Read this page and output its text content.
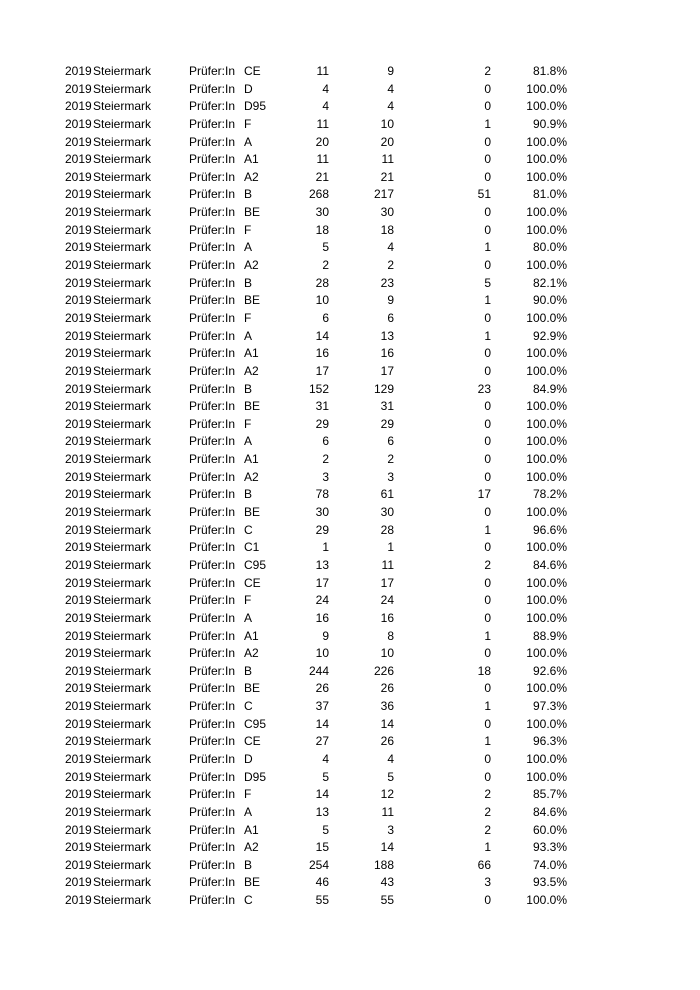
2019 Steiermark	Prüfer:In CE	11	9	2	81.8%
2019 Steiermark	Prüfer:In D	4	4	0	100.0%
2019 Steiermark	Prüfer:In D95	4	4	0	100.0%
2019 Steiermark	Prüfer:In F	11	10	1	90.9%
2019 Steiermark	Prüfer:In A	20	20	0	100.0%
2019 Steiermark	Prüfer:In A1	11	11	0	100.0%
2019 Steiermark	Prüfer:In A2	21	21	0	100.0%
2019 Steiermark	Prüfer:In B	268	217	51	81.0%
2019 Steiermark	Prüfer:In BE	30	30	0	100.0%
2019 Steiermark	Prüfer:In F	18	18	0	100.0%
2019 Steiermark	Prüfer:In A	5	4	1	80.0%
2019 Steiermark	Prüfer:In A2	2	2	0	100.0%
2019 Steiermark	Prüfer:In B	28	23	5	82.1%
2019 Steiermark	Prüfer:In BE	10	9	1	90.0%
2019 Steiermark	Prüfer:In F	6	6	0	100.0%
2019 Steiermark	Prüfer:In A	14	13	1	92.9%
2019 Steiermark	Prüfer:In A1	16	16	0	100.0%
2019 Steiermark	Prüfer:In A2	17	17	0	100.0%
2019 Steiermark	Prüfer:In B	152	129	23	84.9%
2019 Steiermark	Prüfer:In BE	31	31	0	100.0%
2019 Steiermark	Prüfer:In F	29	29	0	100.0%
2019 Steiermark	Prüfer:In A	6	6	0	100.0%
2019 Steiermark	Prüfer:In A1	2	2	0	100.0%
2019 Steiermark	Prüfer:In A2	3	3	0	100.0%
2019 Steiermark	Prüfer:In B	78	61	17	78.2%
2019 Steiermark	Prüfer:In BE	30	30	0	100.0%
2019 Steiermark	Prüfer:In C	29	28	1	96.6%
2019 Steiermark	Prüfer:In C1	1	1	0	100.0%
2019 Steiermark	Prüfer:In C95	13	11	2	84.6%
2019 Steiermark	Prüfer:In CE	17	17	0	100.0%
2019 Steiermark	Prüfer:In F	24	24	0	100.0%
2019 Steiermark	Prüfer:In A	16	16	0	100.0%
2019 Steiermark	Prüfer:In A1	9	8	1	88.9%
2019 Steiermark	Prüfer:In A2	10	10	0	100.0%
2019 Steiermark	Prüfer:In B	244	226	18	92.6%
2019 Steiermark	Prüfer:In BE	26	26	0	100.0%
2019 Steiermark	Prüfer:In C	37	36	1	97.3%
2019 Steiermark	Prüfer:In C95	14	14	0	100.0%
2019 Steiermark	Prüfer:In CE	27	26	1	96.3%
2019 Steiermark	Prüfer:In D	4	4	0	100.0%
2019 Steiermark	Prüfer:In D95	5	5	0	100.0%
2019 Steiermark	Prüfer:In F	14	12	2	85.7%
2019 Steiermark	Prüfer:In A	13	11	2	84.6%
2019 Steiermark	Prüfer:In A1	5	3	2	60.0%
2019 Steiermark	Prüfer:In A2	15	14	1	93.3%
2019 Steiermark	Prüfer:In B	254	188	66	74.0%
2019 Steiermark	Prüfer:In BE	46	43	3	93.5%
2019 Steiermark	Prüfer:In C	55	55	0	100.0%
